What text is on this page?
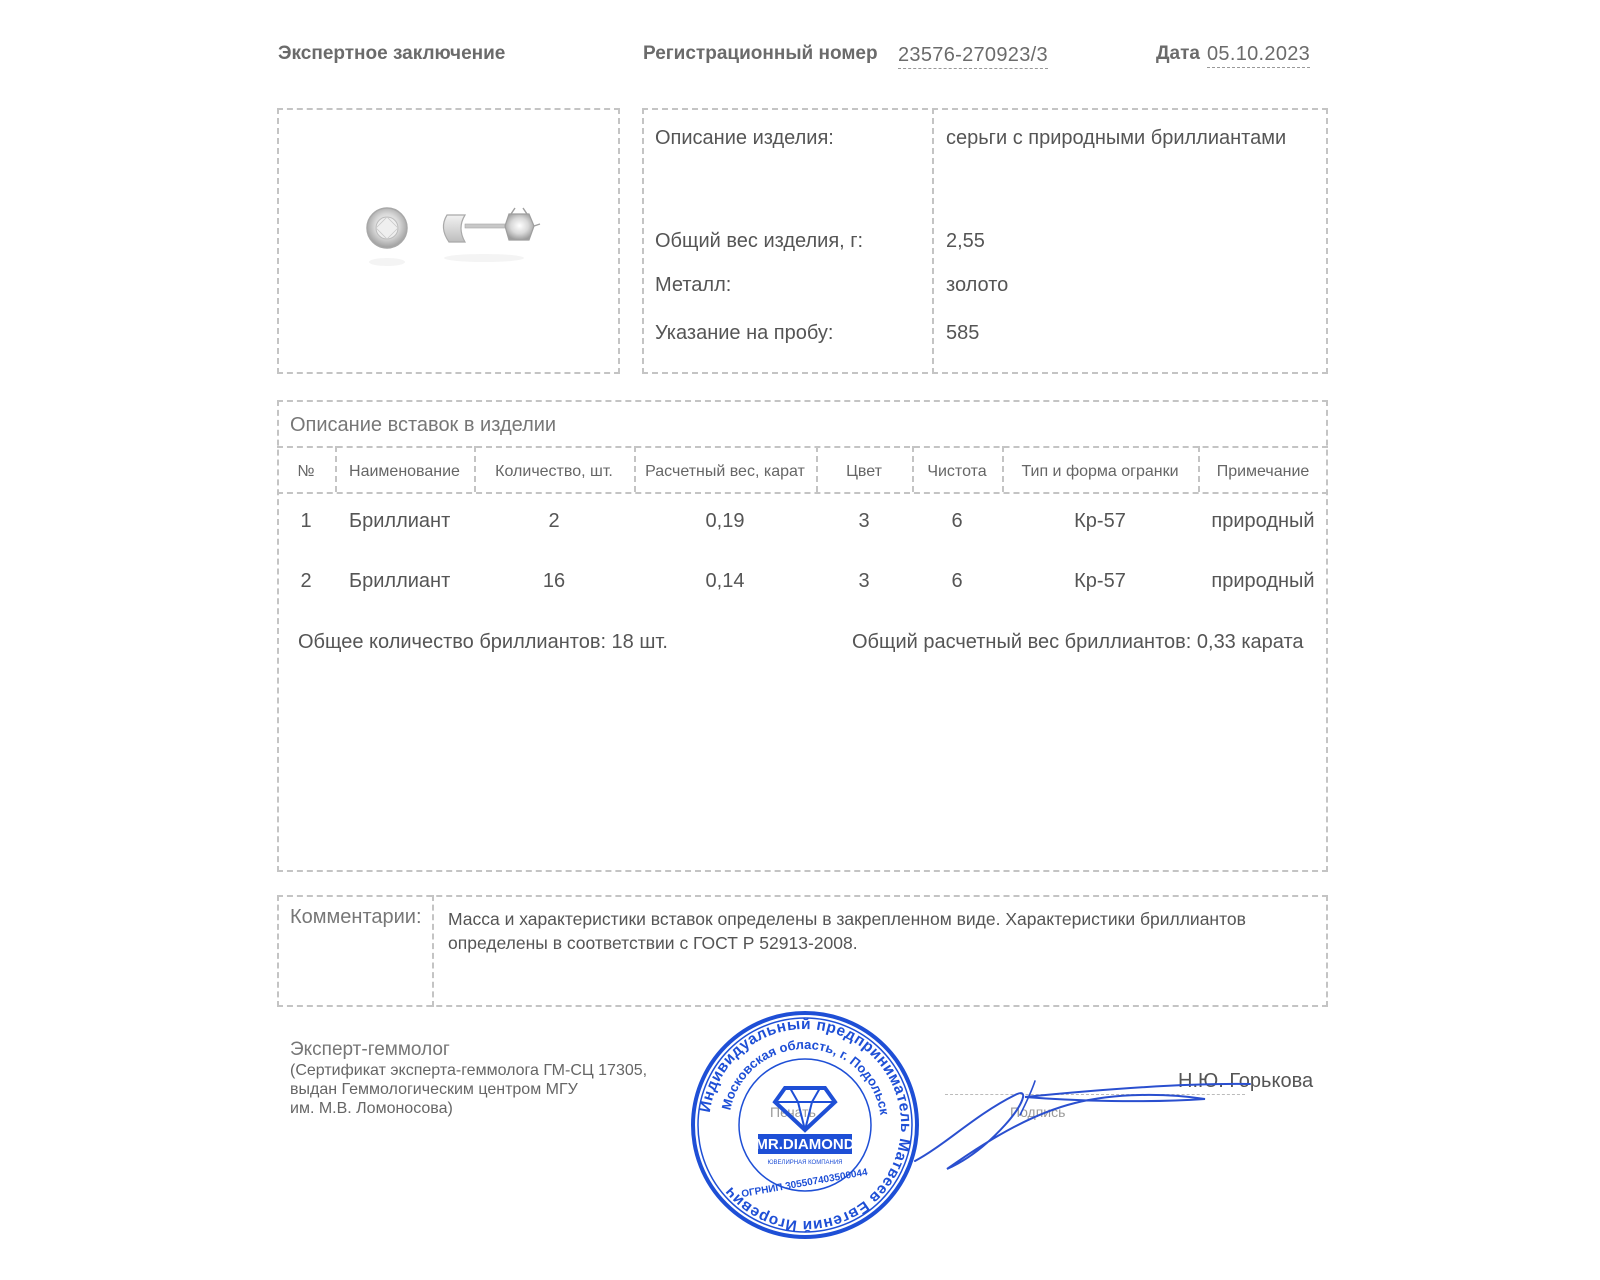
Экспертное заключение	Регистрационный номер 23576-270923/3	Дата 05.10.2023
Описание изделия:	серьги с природными бриллиантами
Общий вес изделия, г:	2,55
Металл:	золото
Указание на пробу:	585
Описание вставок в изделии
№	Наименование	Количество, шт.	Расчетный вес, карат	Цвет	Чистота	Тип и форма огранки	Примечание
1	Бриллиант	2	0,19	3	6	Кр-57	природный
2	Бриллиант	16	0,14	3	6	Кр-57	природный
Общее количество бриллиантов: 18 шт.	Общий расчетный вес бриллиантов: 0,33 карата
Комментарии: Масса и характеристики вставок определены в закрепленном виде. Характеристики бриллиантов
определены в соответствии с ГОСТ Р 52913-2008.
Эксперт-геммолог
(Сертификат эксперта-геммолога ГМ-СЦ 17305,
выдан Геммологическим центром МГУ
им. М.В. Ломоносова)
Н.Ю. Горькова
Печать	Подпись
Индивидуальный предприниматель Матвеев Евгений Игоревич
Московская область, г. Подольск
MR.DIAMOND
ЮВЕЛИРНАЯ КОМПАНИЯ
ОГРНИП 305507403500044
